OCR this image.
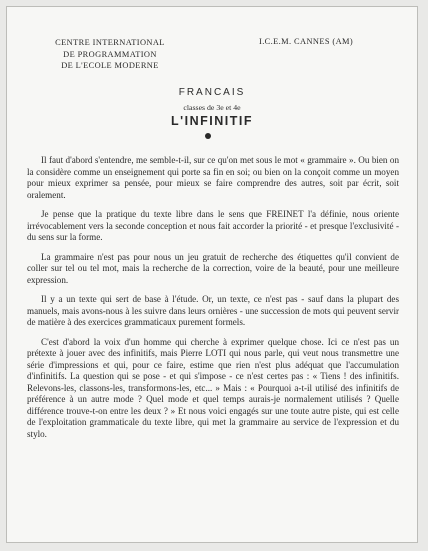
CENTRE INTERNATIONAL
DE PROGRAMMATION
DE L'ECOLE MODERNE
I.C.E.M. CANNES (AM)
FRANCAIS
classes de 3e et 4e
L'INFINITIF

Il faut d'abord s'entendre, me semble-t-il, sur ce qu'on met sous le mot « grammaire ». Ou bien on la considère comme un enseignement qui porte sa fin en soi; ou bien on la conçoit comme un moyen pour mieux exprimer sa pensée, pour mieux se faire comprendre des autres, soit par écrit, soit oralement.

Je pense que la pratique du texte libre dans le sens que FREINET l'a définie, nous oriente irrévocablement vers la seconde conception et nous fait accorder la priorité - et presque l'exclusivité - du sens sur la forme.

La grammaire n'est pas pour nous un jeu gratuit de recherche des étiquettes qu'il convient de coller sur tel ou tel mot, mais la recherche de la correction, voire de la beauté, pour une meilleure expression.

Il y a un texte qui sert de base à l'étude. Or, un texte, ce n'est pas - sauf dans la plupart des manuels, mais avons-nous à les suivre dans leurs ornières - une succession de mots qui peuvent servir de matière à des exercices grammaticaux purement formels.

C'est d'abord la voix d'un homme qui cherche à exprimer quelque chose. Ici ce n'est pas un prétexte à jouer avec des infinitifs, mais Pierre LOTI qui nous parle, qui veut nous transmettre une série d'impressions et qui, pour ce faire, estime que rien n'est plus adéquat que l'accumulation d'infinitifs. La question qui se pose - et qui s'impose - ce n'est certes pas : « Tiens ! des infinitifs. Relevons-les, classons-les, transformons-les, etc... » Mais : « Pourquoi a-t-il utilisé des infinitifs de préférence à un autre mode ? Quel mode et quel temps aurais-je normalement utilisés ? Quelle différence trouve-t-on entre les deux ? » Et nous voici engagés sur une toute autre piste, qui est celle de l'exploitation grammaticale du texte libre, qui met la grammaire au service de l'expression et du stylo.
